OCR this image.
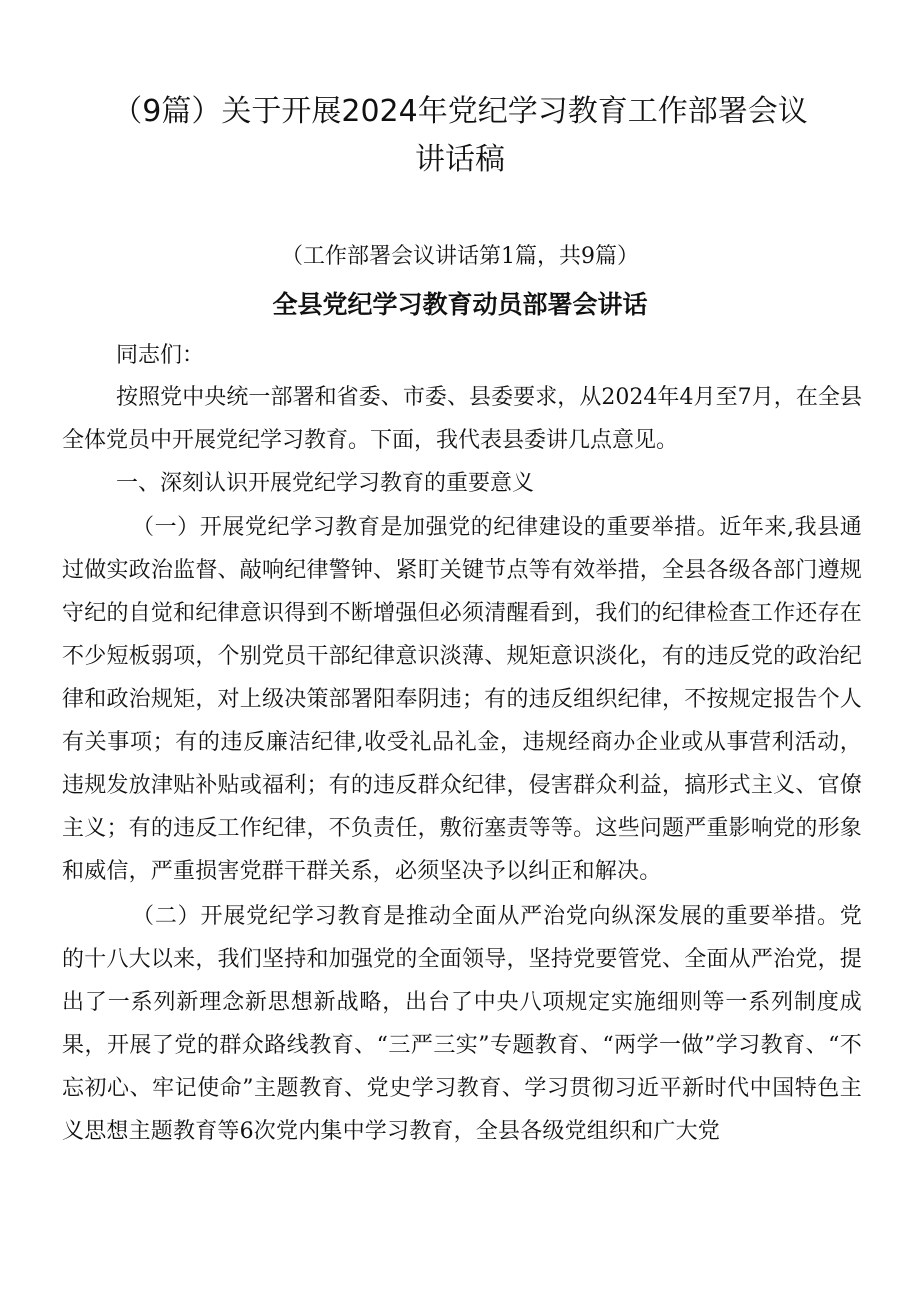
（9篇）关于开展2024年党纪学习教育工作部署会议
讲话稿

（工作部署会议讲话第1篇，共9篇）

全县党纪学习教育动员部署会讲话

同志们：

按照党中央统一部署和省委、市委、县委要求，从2024年4月至7月，在全县全体党员中开展党纪学习教育。下面，我代表县委讲几点意见。

一、深刻认识开展党纪学习教育的重要意义

（一）开展党纪学习教育是加强党的纪律建设的重要举措。近年来,我县通过做实政治监督、敲响纪律警钟、紧盯关键节点等有效举措，全县各级各部门遵规守纪的自觉和纪律意识得到不断增强但必须清醒看到，我们的纪律检查工作还存在不少短板弱项，个别党员干部纪律意识淡薄、规矩意识淡化，有的违反党的政治纪律和政治规矩，对上级决策部署阳奉阴违；有的违反组织纪律，不按规定报告个人有关事项；有的违反廉洁纪律,收受礼品礼金，违规经商办企业或从事营利活动，违规发放津贴补贴或福利；有的违反群众纪律，侵害群众利益，搞形式主义、官僚主义；有的违反工作纪律，不负责任，敷衍塞责等等。这些问题严重影响党的形象和威信，严重损害党群干群关系，必须坚决予以纠正和解决。

（二）开展党纪学习教育是推动全面从严治党向纵深发展的重要举措。党的十八大以来，我们坚持和加强党的全面领导，坚持党要管党、全面从严治党，提出了一系列新理念新思想新战略，出台了中央八项规定实施细则等一系列制度成果，开展了党的群众路线教育、“三严三实”专题教育、“两学一做”学习教育、“不忘初心、牢记使命”主题教育、党史学习教育、学习贯彻习近平新时代中国特色主义思想主题教育等6次党内集中学习教育，全县各级党组织和广大党
